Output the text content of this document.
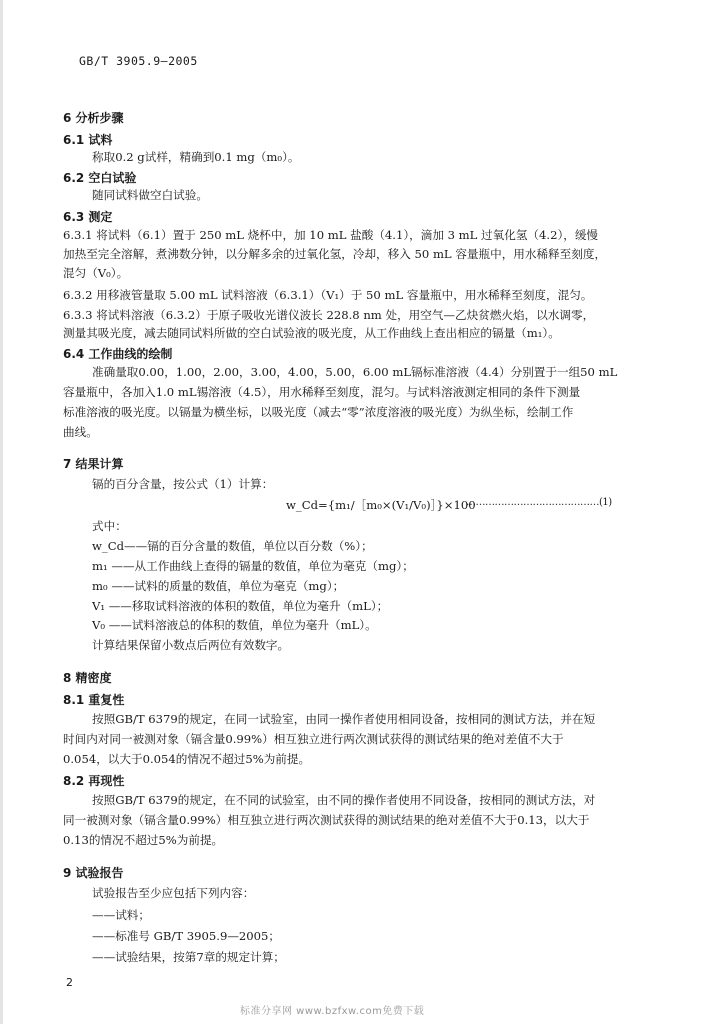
GB/T 3905.9—2005
6 分析步骤
6.1 试料
称取0.2 g试样，精确到0.1 mg（m₀）。
6.2 空白试验
随同试料做空白试验。
6.3 测定
6.3.1 将试料（6.1）置于 250 mL 烧杯中，加 10 mL 盐酸（4.1），滴加 3 mL 过氧化氢（4.2），缓慢
加热至完全溶解，煮沸数分钟，以分解多余的过氧化氢，冷却，移入 50 mL 容量瓶中，用水稀释至刻度，
混匀（V₀）。
6.3.2 用移液管量取 5.00 mL 试料溶液（6.3.1）（V₁）于 50 mL 容量瓶中，用水稀释至刻度，混匀。
6.3.3 将试料溶液（6.3.2）于原子吸收光谱仪波长 228.8 nm 处，用空气—乙炔贫燃火焰，以水调零，
测量其吸光度，减去随同试料所做的空白试验液的吸光度，从工作曲线上查出相应的镉量（m₁）。
6.4 工作曲线的绘制
准确量取0.00，1.00，2.00，3.00，4.00，5.00，6.00 mL镉标准溶液（4.4）分别置于一组50 mL
容量瓶中，各加入1.0 mL锡溶液（4.5），用水稀释至刻度，混匀。与试料溶液测定相同的条件下测量
标准溶液的吸光度。以镉量为横坐标，以吸光度（减去“零”浓度溶液的吸光度）为纵坐标，绘制工作
曲线。
7 结果计算
镉的百分含量，按公式（1）计算：
w_Cd={m₁/［m₀×(V₁/V₀)］}×100
……………………………………(1)
式中：
w_Cd——镉的百分含量的数值，单位以百分数（%）；
m₁ ——从工作曲线上查得的镉量的数值，单位为毫克（mg）；
m₀ ——试料的质量的数值，单位为毫克（mg）；
V₁ ——移取试料溶液的体积的数值，单位为毫升（mL）；
V₀ ——试料溶液总的体积的数值，单位为毫升（mL）。
计算结果保留小数点后两位有效数字。
8 精密度
8.1 重复性
按照GB/T 6379的规定，在同一试验室，由同一操作者使用相同设备，按相同的测试方法，并在短
时间内对同一被测对象（镉含量0.99%）相互独立进行两次测试获得的测试结果的绝对差值不大于
0.054，以大于0.054的情况不超过5%为前提。
8.2 再现性
按照GB/T 6379的规定，在不同的试验室，由不同的操作者使用不同设备，按相同的测试方法，对
同一被测对象（镉含量0.99%）相互独立进行两次测试获得的测试结果的绝对差值不大于0.13，以大于
0.13的情况不超过5%为前提。
9 试验报告
试验报告至少应包括下列内容：
——试料；
——标准号 GB/T 3905.9—2005；
——试验结果，按第7章的规定计算；
2
标准分享网 www.bzfxw.com免费下载
